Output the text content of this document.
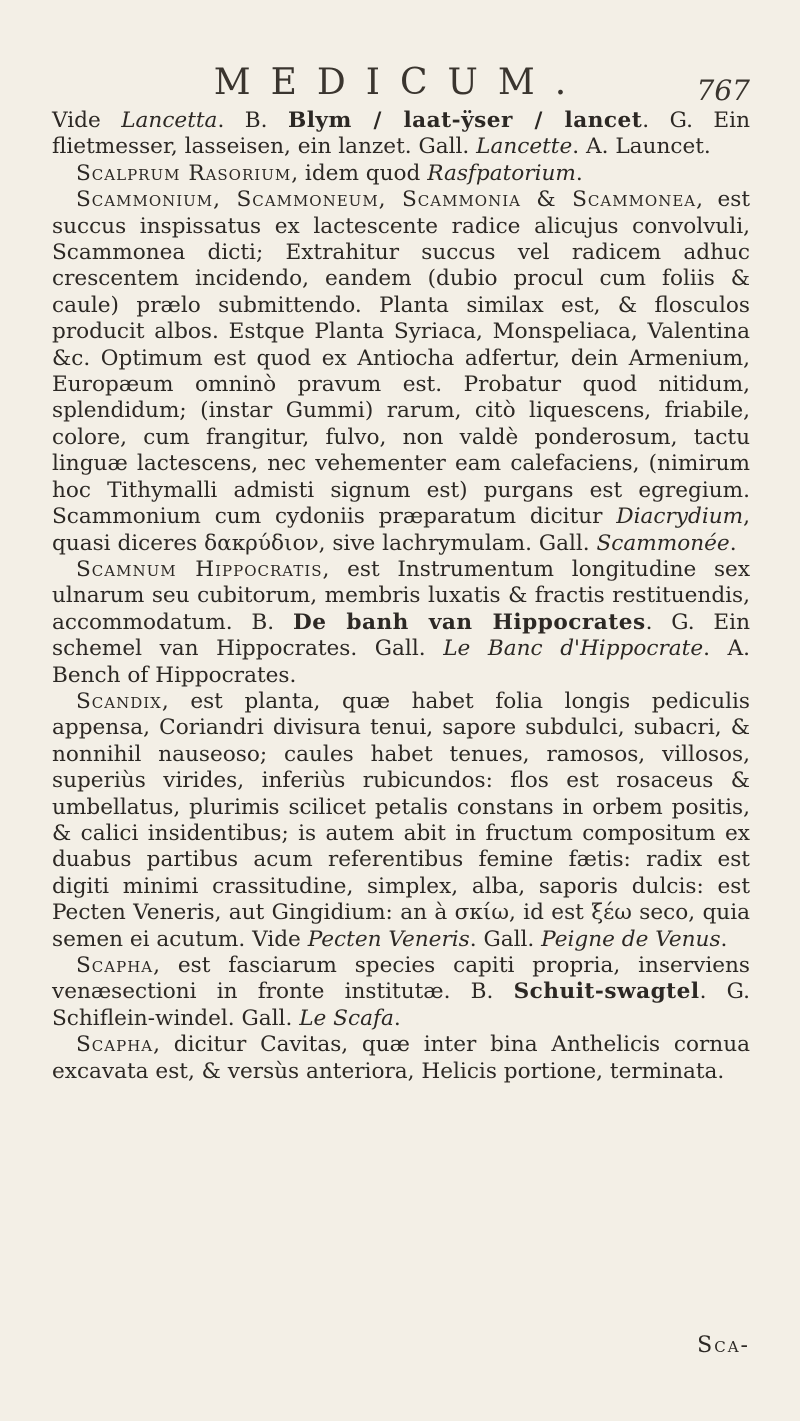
MEDICUM.	767

Vide Lancetta. B. Blym / laat-ÿser / lancet. G. Ein flietmesser, lasseisen, ein lanzet. Gall. Lancette. A. Launcet.

Scalprum Rasorium, idem quod Rasfpatorium.

Scammonium, Scammoneum, Scammonia & Scammonea, est succus inspissatus ex lactescente radice alicujus convolvuli, Scammonea dicti; Extrahitur succus vel radicem adhuc crescentem incidendo, eandem (dubio procul cum foliis & caule) prælo submittendo. Planta similax est, & flosculos producit albos. Estque Planta Syriaca, Monspeliaca, Valentina &c. Optimum est quod ex Antiocha adfertur, dein Armenium, Europæum omninò pravum est. Probatur quod nitidum, splendidum; (instar Gummi) rarum, citò liquescens, friabile, colore, cum frangitur, fulvo, non valdè ponderosum, tactu linguæ lactescens, nec vehementer eam calefaciens, (nimirum hoc Tithymalli admisti signum est) purgans est egregium. Scammonium cum cydoniis præparatum dicitur Diacrydium, quasi diceres δακρύδιον, sive lachrymulam. Gall. Scammonée.

Scamnum Hippocratis, est Instrumentum longitudine sex ulnarum seu cubitorum, membris luxatis & fractis restituendis, accommodatum. B. De banh van Hippocrates. G. Ein schemel van Hippocrates. Gall. Le Banc d'Hippocrate. A. Bench of Hippocrates.

Scandix, est planta, quæ habet folia longis pediculis appensa, Coriandri divisura tenui, sapore subdulci, subacri, & nonnihil nauseoso; caules habet tenues, ramosos, villosos, superiùs virides, inferiùs rubicundos: flos est rosaceus & umbellatus, plurimis scilicet petalis constans in orbem positis, & calici insidentibus; is autem abit in fructum compositum ex duabus partibus acum referentibus femine fætis: radix est digiti minimi crassitudine, simplex, alba, saporis dulcis: est Pecten Veneris, aut Gingidium: an à σκίω, id est ξέω seco, quia semen ei acutum. Vide Pecten Veneris. Gall. Peigne de Venus.

Scapha, est fasciarum species capiti propria, inserviens venæsectioni in fronte institutæ. B. Schuit-swagtel. G. Schiflein-windel. Gall. Le Scafa.

Scapha, dicitur Cavitas, quæ inter bina Anthelicis cornua excavata est, & versùs anteriora, Helicis portione, terminata.

Sca-
